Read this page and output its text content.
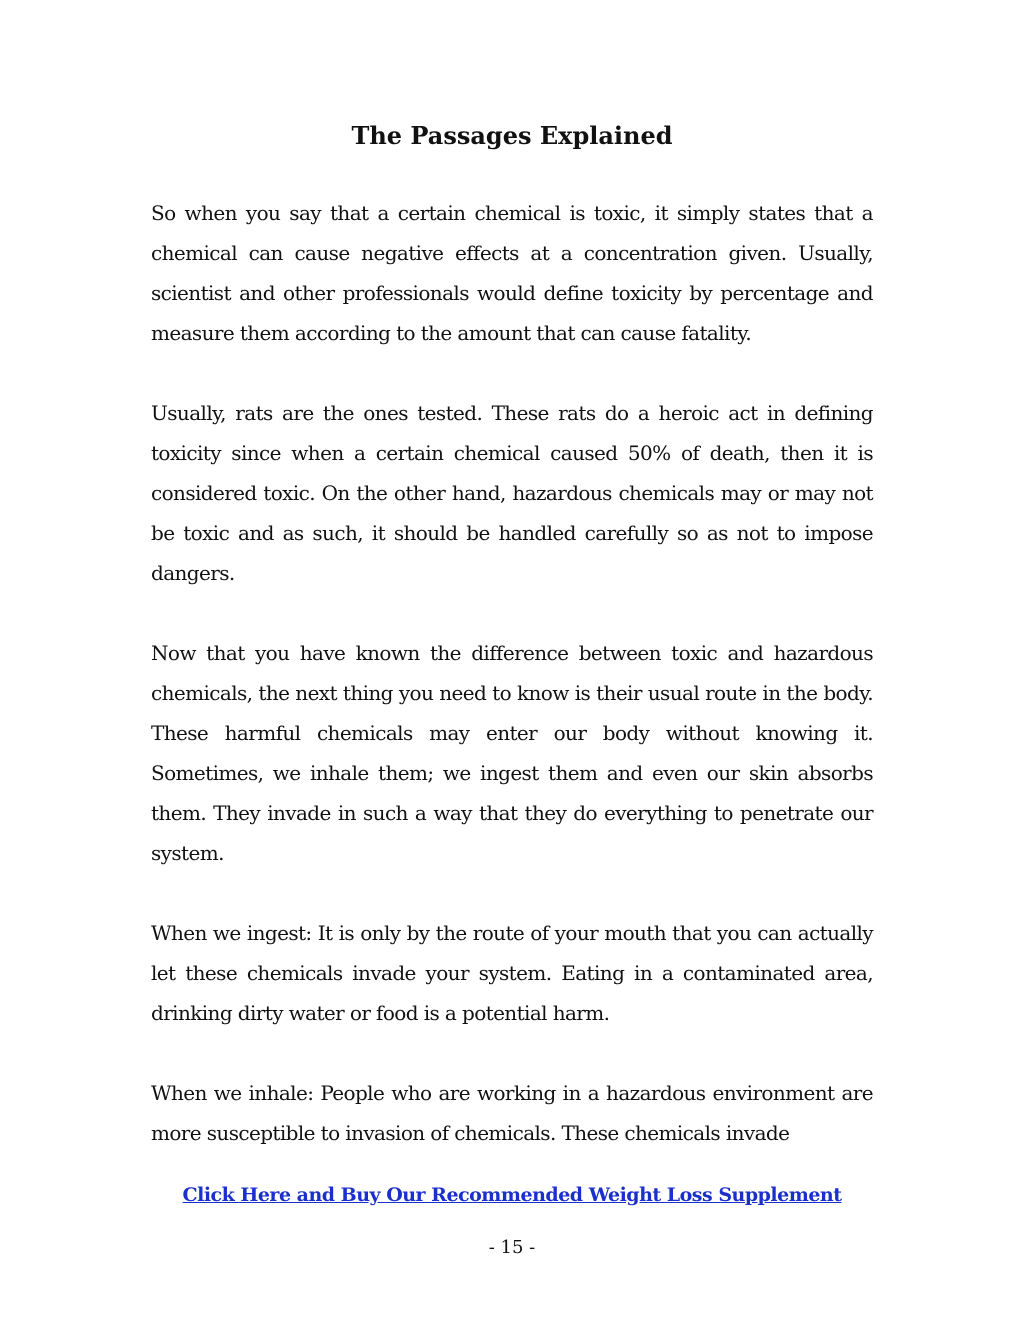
The Passages Explained

So when you say that a certain chemical is toxic, it simply states that a chemical can cause negative effects at a concentration given. Usually, scientist and other professionals would define toxicity by percentage and measure them according to the amount that can cause fatality.

Usually, rats are the ones tested. These rats do a heroic act in defining toxicity since when a certain chemical caused 50% of death, then it is considered toxic. On the other hand, hazardous chemicals may or may not be toxic and as such, it should be handled carefully so as not to impose dangers.

Now that you have known the difference between toxic and hazardous chemicals, the next thing you need to know is their usual route in the body. These harmful chemicals may enter our body without knowing it. Sometimes, we inhale them; we ingest them and even our skin absorbs them. They invade in such a way that they do everything to penetrate our system.

When we ingest: It is only by the route of your mouth that you can actually let these chemicals invade your system. Eating in a contaminated area, drinking dirty water or food is a potential harm.

When we inhale: People who are working in a hazardous environment are more susceptible to invasion of chemicals. These chemicals invade

Click Here and Buy Our Recommended Weight Loss Supplement
- 15 -
